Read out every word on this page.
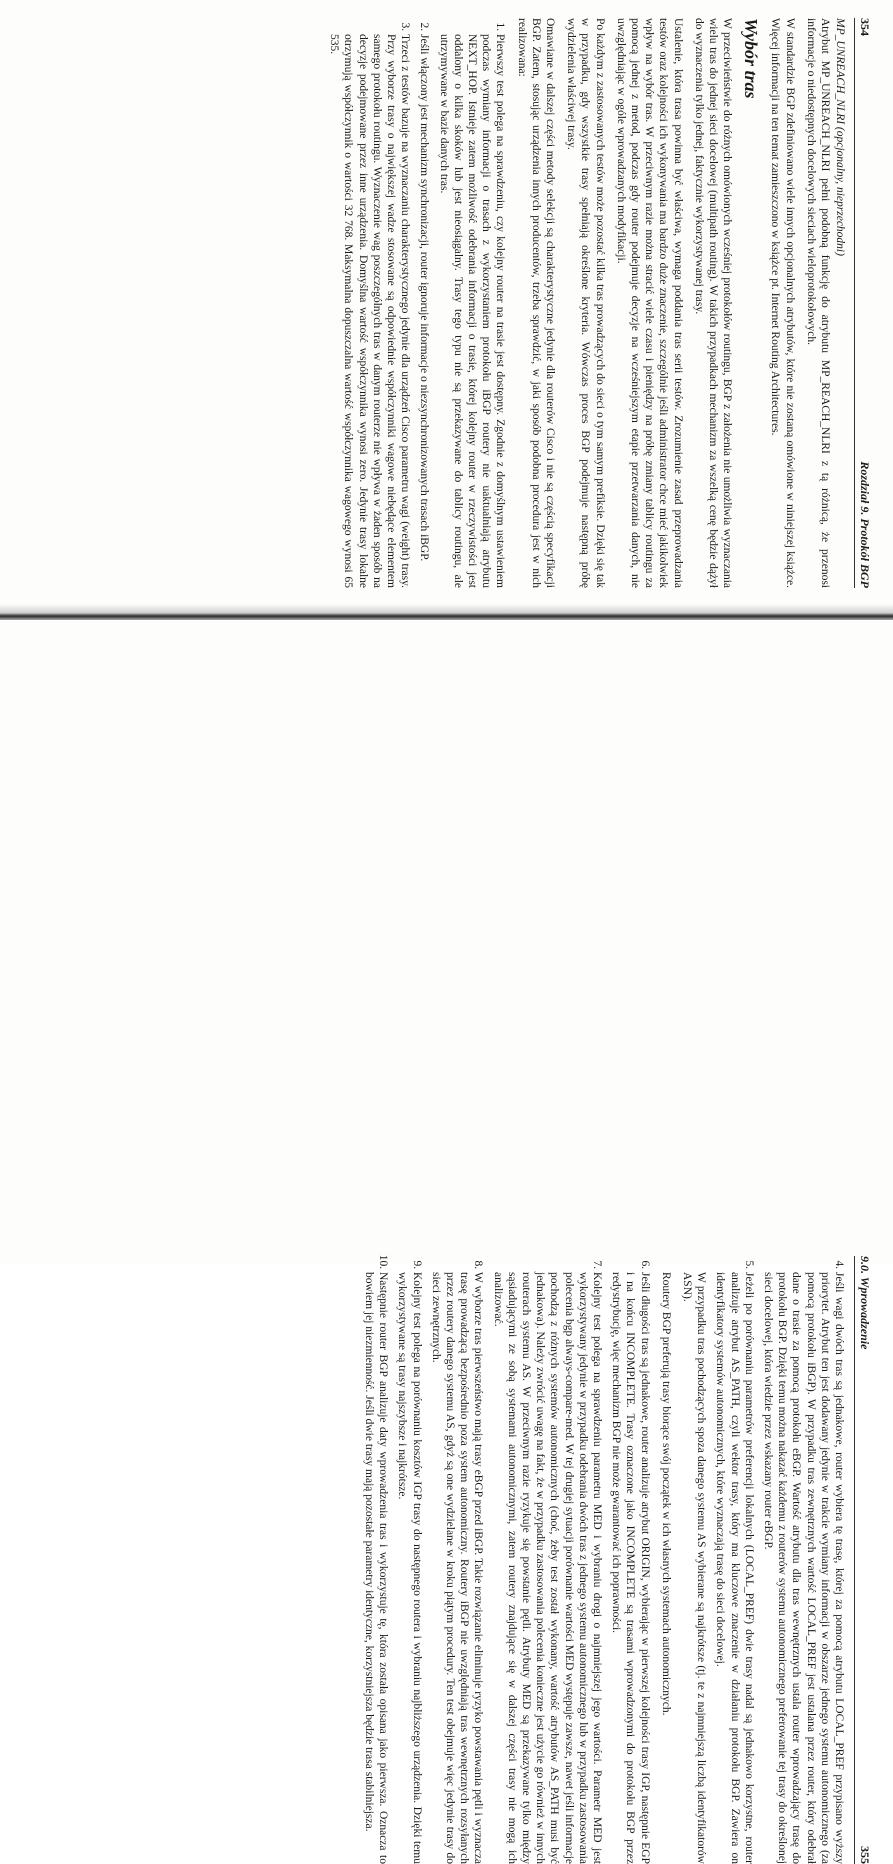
354
Rozdział 9. Protokół BGP
MP_UNREACH_NLRI (opcjonalny, nieprzechodni)

Atrybut MP_UNREACH_NLRI pełni podobną funkcję do atrybutu MP_REACH_NLRI z tą różnicą, że przenosi informacje o niedostępnych docelowych sieciach wieloprotokołowych.

W standardzie BGP zdefiniowano wiele innych opcjonalnych atrybutów, które nie zostaną omówione w niniejszej książce. Więcej informacji na ten temat zamieszczono w książce pt. Internet Routing Architectures.

Wybór tras

W przeciwieństwie do różnych omówionych wcześniej protokołów routingu, BGP z założenia nie umożliwia wyznaczania wielu tras do jednej sieci docelowej (multipath routing). W takich przypadkach mechanizm za wszelką cenę będzie dążył do wyznaczenia tylko jednej, faktycznie wykorzystywanej trasy.

Ustalenie, która trasa powinna być właściwa, wymaga poddania tras serii testów. Zrozumienie zasad przeprowadzania testów oraz kolejności ich wykonywania ma bardzo duże znaczenie, szczególnie jeśli administrator chce mieć jakikolwiek wpływ na wybór tras. W przeciwnym razie można stracić wiele czasu i pieniędzy na próbę zmiany tablicy routingu za pomocą jednej z metod, podczas gdy router podejmuje decyzje na wcześniejszym etapie przetwarzania danych, nie uwzględniając w ogóle wprowadzanych modyfikacji.

Po każdym z zastosowanych testów może pozostać kilka tras prowadzących do sieci o tym samym prefiksie. Dzięki się tak w przypadku, gdy wszystkie trasy spełniają określone kryteria. Wówczas proces BGP podejmuje następną próbę wydzielenia właściwej trasy.

Omawiane w dalszej części metody selekcji są charakterystyczne jedynie dla routerów Cisco i nie są częścią specyfikacji BGP. Zatem, stosując urządzenia innych producentów, trzeba sprawdzić, w jaki sposób podobna procedura jest w nich realizowana:

1. Pierwszy test polega na sprawdzeniu, czy kolejny router na trasie jest dostępny. Zgodnie z domyślnym ustawieniem podczas wymiany informacji o trasach z wykorzystaniem protokołu iBGP routery nie uaktualniają atrybutu NEXT_HOP. Istnieje zatem możliwość odebrania informacji o trasie, której kolejny router w rzeczywistości jest oddalony o kilka skoków lub jest nieosiągalny. Trasy tego typu nie są przekazywane do tablicy routingu, ale utrzymywane w bazie danych tras.
2. Jeśli włączony jest mechanizm synchronizacji, router ignoruje informacje o niezsynchronizowanych trasach iBGP.
3. Trzeci z testów bazuje na wyznaczaniu charakterystycznego jedynie dla urządzeń Cisco parametru wagi (weight) trasy. Przy wyborze trasy o największej wadze stosowane są odpowiednie współczynniki wagowe niebędące elementem samego protokołu routingu. Wyznaczenie wag poszczególnych tras w danym routerze nie wpływa w żaden sposób na decyzje podejmowane przez inne urządzenia. Domyślna wartość współczynnika wynosi zero. Jedynie trasy lokalne otrzymują współczynnik o wartości 32 768. Maksymalna dopuszczalna wartość współczynnika wagowego wynosi 65 535.
9.0. Wprowadzenie
355
4. Jeśli wagi dwóch tras są jednakowe, router wybiera tę trasę, której za pomocą atrybutu LOCAL_PREF przypisano wyższy priorytet. Atrybut ten jest dodawany jedynie w trakcie wymiany informacji w obszarze jednego systemu autonomicznego (za pomocą protokołu iBGP). W przypadku tras zewnętrznych wartość LOCAL_PREF jest ustalana przez router, który odebrał dane o trasie za pomocą protokołu eBGP. Wartość atrybutu dla tras wewnętrznych ustala router wprowadzający trasę do protokołu BGP. Dzięki temu można nakazać każdemu z routerów systemu autonomicznego preferowanie tej trasy do określonej sieci docelowej, która wiedzie przez wskazany router eBGP.
5. Jeżeli po porównaniu parametrów preferencji lokalnych (LOCAL_PREF) dwie trasy nadal są jednakowo korzystne, router analizuje atrybut AS_PATH, czyli wektor trasy, który ma kluczowe znaczenie w działaniu protokołu BGP. Zawiera on identyfikatory systemów autonomicznych, które wyznaczają trasę do sieci docelowej.

W przypadku tras pochodzących spoza danego systemu AS wybierane są najkrótsze (tj. te z najmniejszą liczbą identyfikatorów ASN).

Routery BGP preferują trasy biorące swój początek w ich własnych systemach autonomicznych.

6. Jeśli długości tras są jednakowe, router analizuje atrybut ORIGIN, wybierając w pierwszej kolejności trasy IGP, następnie EGP i na końcu INCOMPLETE. Trasy oznaczone jako INCOMPLETE są trasami wprowadzonymi do protokołu BGP przez redystrybucję, więc mechanizm BGP nie może gwarantować ich poprawności.
7. Kolejny test polega na sprawdzeniu parametru MED i wybraniu drogi o najmniejszej jego wartości. Parametr MED jest wykorzystywany jedynie w przypadku odebrania dwóch tras z jednego systemu autonomicznego lub w przypadku zastosowania polecenia bgp always-compare-med. W tej drugiej sytuacji porównanie wartości MED występuje zawsze, nawet jeśli informacje pochodzą z różnych systemów autonomicznych (choć, żeby test został wykonany, wartość atrybutów AS_PATH musi być jednakowa). Należy zwrócić uwagę na fakt, że w przypadku zastosowania polecenia konieczne jest użycie go również w innych routerach systemu AS. W przeciwnym razie ryzykuje się powstanie pętli. Atrybuty MED są przekazywane tylko między sąsiadującymi ze sobą systemami autonomicznymi, zatem routery znajdujące się w dalszej części trasy nie mogą ich analizować.
8. W wyborze tras pierwszeństwo mają trasy eBGP przed iBGP. Takie rozwiązanie eliminuje ryzyko powstawania pętli i wyznacza trasę prowadzącą bezpośrednio poza system autonomiczny. Routery iBGP nie uwzględniają tras wewnętrznych rozsyłanych przez routery danego systemu AS, gdyż są one wydzielane w kroku piątym procedury. Ten test obejmuje więc jedynie trasy do sieci zewnętrznych.
9. Kolejny test polega na porównaniu kosztów IGP trasy do następnego routera i wybraniu najbliższego urządzenia. Dzięki temu wykorzystywane są trasy najszybsze i najkrótsze.
10. Następnie router BGP analizuje daty wprowadzenia tras i wykorzystuje tę, która została opisana jako pierwsza. Oznacza to bowiem jej niezmienność. Jeśli dwie trasy mają pozostałe parametry identyczne, korzystniejsza będzie trasa stabilniejsza.
